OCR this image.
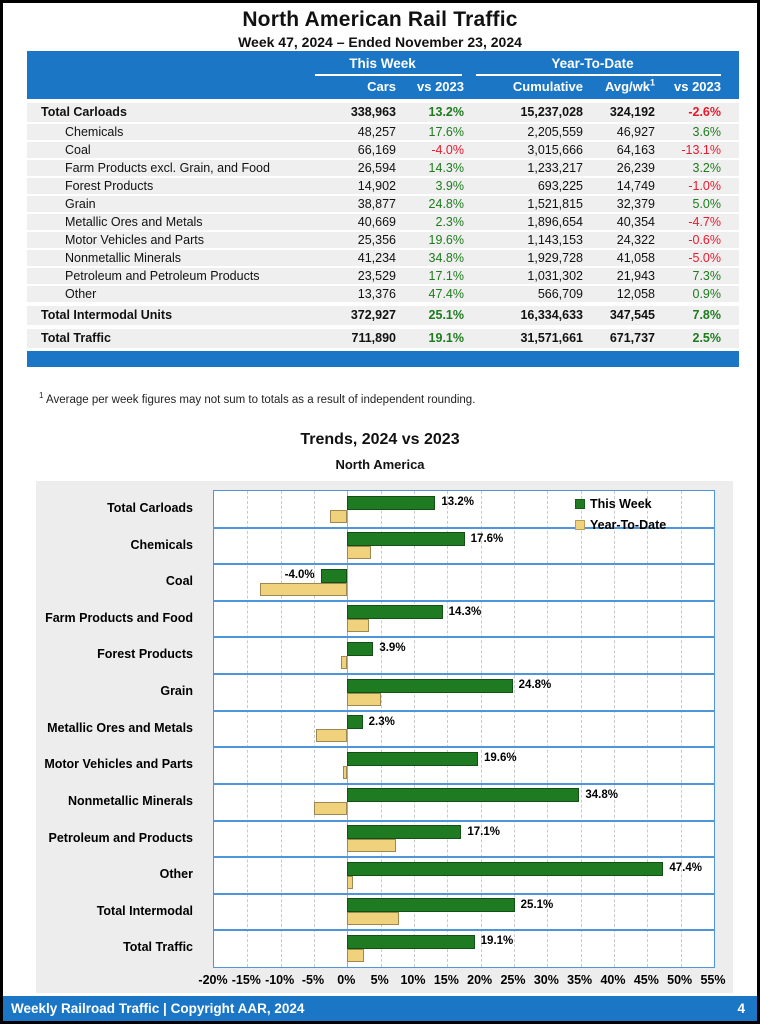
North American Rail Traffic
Week 47, 2024 – Ended November 23, 2024
This Week	Year-To-Date
Cars	vs 2023	Cumulative	Avg/$wk^1$	vs 2023
Total Carloads	338,963	13.2%	15,237,028	324,192	-2.6%
Chemicals	48,257	17.6%	2,205,559	46,927	3.6%
Coal	66,169	-4.0%	3,015,666	64,163	-13.1%
Farm Products excl. Grain, and Food	26,594	14.3%	1,233,217	26,239	3.2%
Forest Products	14,902	3.9%	693,225	14,749	-1.0%
Grain	38,877	24.8%	1,521,815	32,379	5.0%
Metallic Ores and Metals	40,669	2.3%	1,896,654	40,354	-4.7%
Motor Vehicles and Parts	25,356	19.6%	1,143,153	24,322	-0.6%
Nonmetallic Minerals	41,234	34.8%	1,929,728	41,058	-5.0%
Petroleum and Petroleum Products	23,529	17.1%	1,031,302	21,943	7.3%
Other	13,376	47.4%	566,709	12,058	0.9%
Total Intermodal Units	372,927	25.1%	16,334,633	347,545	7.8%
Total Traffic	711,890	19.1%	31,571,661	671,737	2.5%
$^1$ Average per week figures may not sum to totals as a result of independent rounding.
Trends, 2024 vs 2023
North America
Total Carloads
Chemicals
Coal
Farm Products and Food
Forest Products
Grain
Metallic Ores and Metals
Motor Vehicles and Parts
Nonmetallic Minerals
Petroleum and Products
Other
Total Intermodal
Total Traffic
13.2%
17.6%
-4.0%
14.3%
3.9%
24.8%
2.3%
19.6%
34.8%
17.1%
47.4%
25.1%
19.1%
-20% -15% -10% -5% 0% 5% 10% 15% 20% 25% 30% 35% 40% 45% 50% 55%
This Week
Year-To-Date
Weekly Railroad Traffic | Copyright AAR, 2024	4
